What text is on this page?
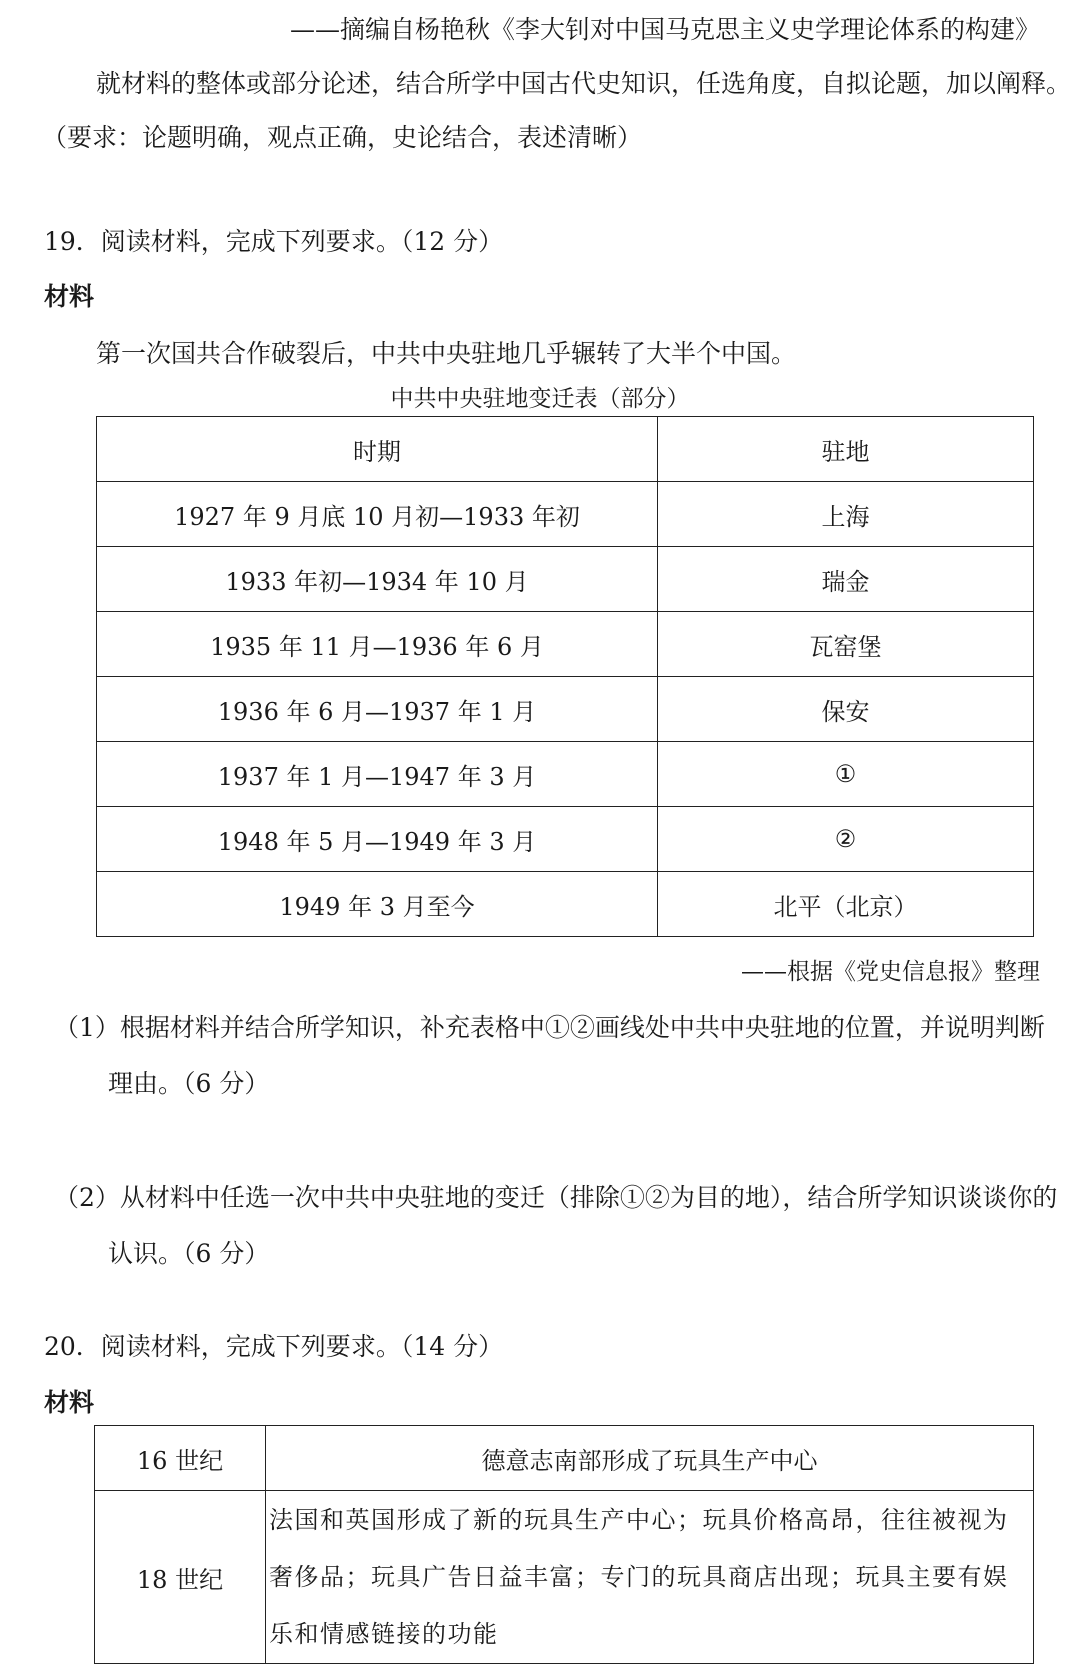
——摘编自杨艳秋《李大钊对中国马克思主义史学理论体系的构建》
就材料的整体或部分论述，结合所学中国古代史知识，任选角度，自拟论题，加以阐释。
（要求：论题明确，观点正确，史论结合，表述清晰）
19．阅读材料，完成下列要求。（12 分）
材料
第一次国共合作破裂后，中共中央驻地几乎辗转了大半个中国。
中共中央驻地变迁表（部分）
时期	驻地
1927 年 9 月底 10 月初—1933 年初	上海
1933 年初—1934 年 10 月	瑞金
1935 年 11 月—1936 年 6 月	瓦窑堡
1936 年 6 月—1937 年 1 月	保安
1937 年 1 月—1947 年 3 月	①
1948 年 5 月—1949 年 3 月	②
1949 年 3 月至今	北平（北京）
——根据《党史信息报》整理
（1）根据材料并结合所学知识，补充表格中①②画线处中共中央驻地的位置，并说明判断
理由。（6 分）
（2）从材料中任选一次中共中央驻地的变迁（排除①②为目的地），结合所学知识谈谈你的
认识。（6 分）
20．阅读材料，完成下列要求。（14 分）
材料
16 世纪	德意志南部形成了玩具生产中心
18 世纪	法国和英国形成了新的玩具生产中心；玩具价格高昂，往往被视为奢侈品；玩具广告日益丰富；专门的玩具商店出现；玩具主要有娱乐和情感链接的功能
